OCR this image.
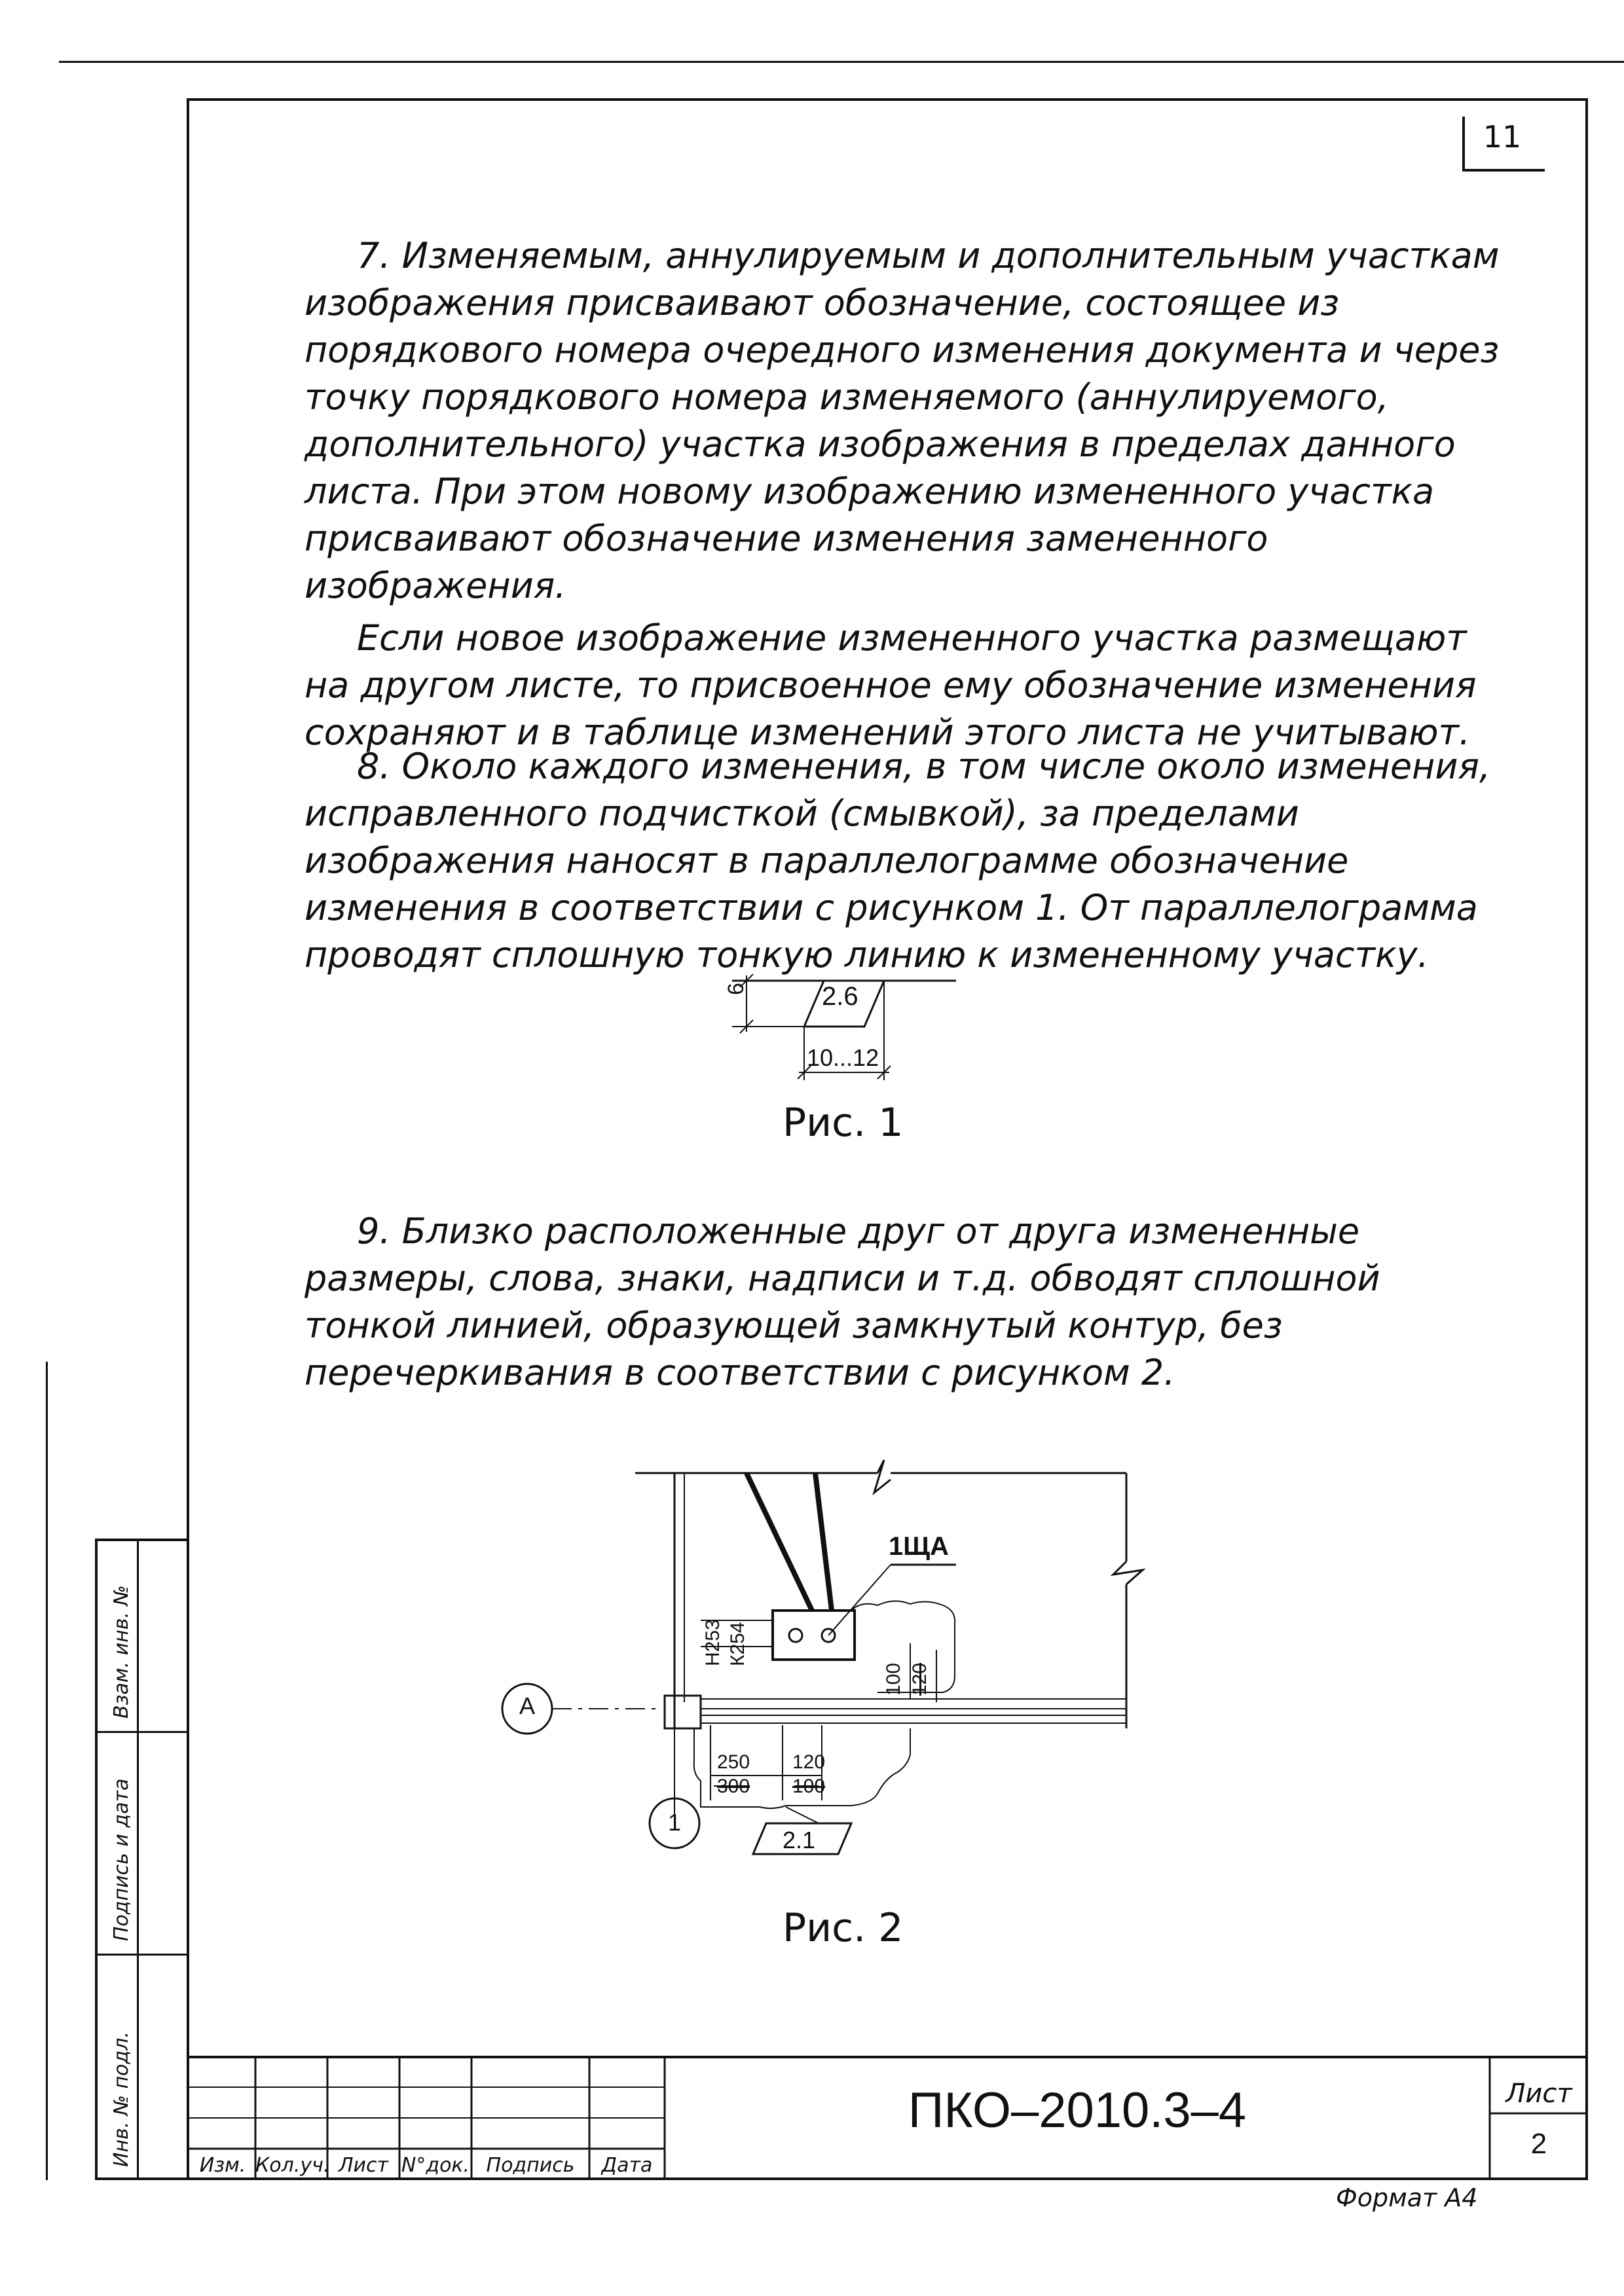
Взам. инв. №
Подпись и дата
Инв. № подл.
11

7. Изменяемым, аннулируемым и дополнительным участкам изображения присваивают обозначение, состоящее из порядкового номера очередного изменения документа и через точку порядкового номера изменяемого (аннулируемого, дополнительного) участка изображения в пределах данного листа. При этом новому изображению измененного участка присваивают обозначение изменения замененного изображения.

Если новое изображение измененного участка размещают на другом листе, то присвоенное ему обозначение изменения сохраняют и в таблице изменений этого листа не учитывают.

8. Около каждого изменения, в том числе около изменения, исправленного подчисткой (смывкой), за пределами изображения наносят в параллелограмме обозначение изменения в соответствии с рисунком 1. От параллелограмма проводят сплошную тонкую линию к измененному участку.

2.6
6
10...12
Рис. 1

9. Близко расположенные друг от друга измененные размеры, слова, знаки, надписи и т.д. обводят сплошной тонкой линией, образующей замкнутый контур, без перечеркивания в соответствии с рисунком 2.

1ЩА
Н253 К254
100 120
250
300
120
100
А
1
2.1
Рис. 2
Изм. Кол.уч. Лист N°док. Подпись	Дата
ПКО–2010.3–4	Лист
2
Формат А4
